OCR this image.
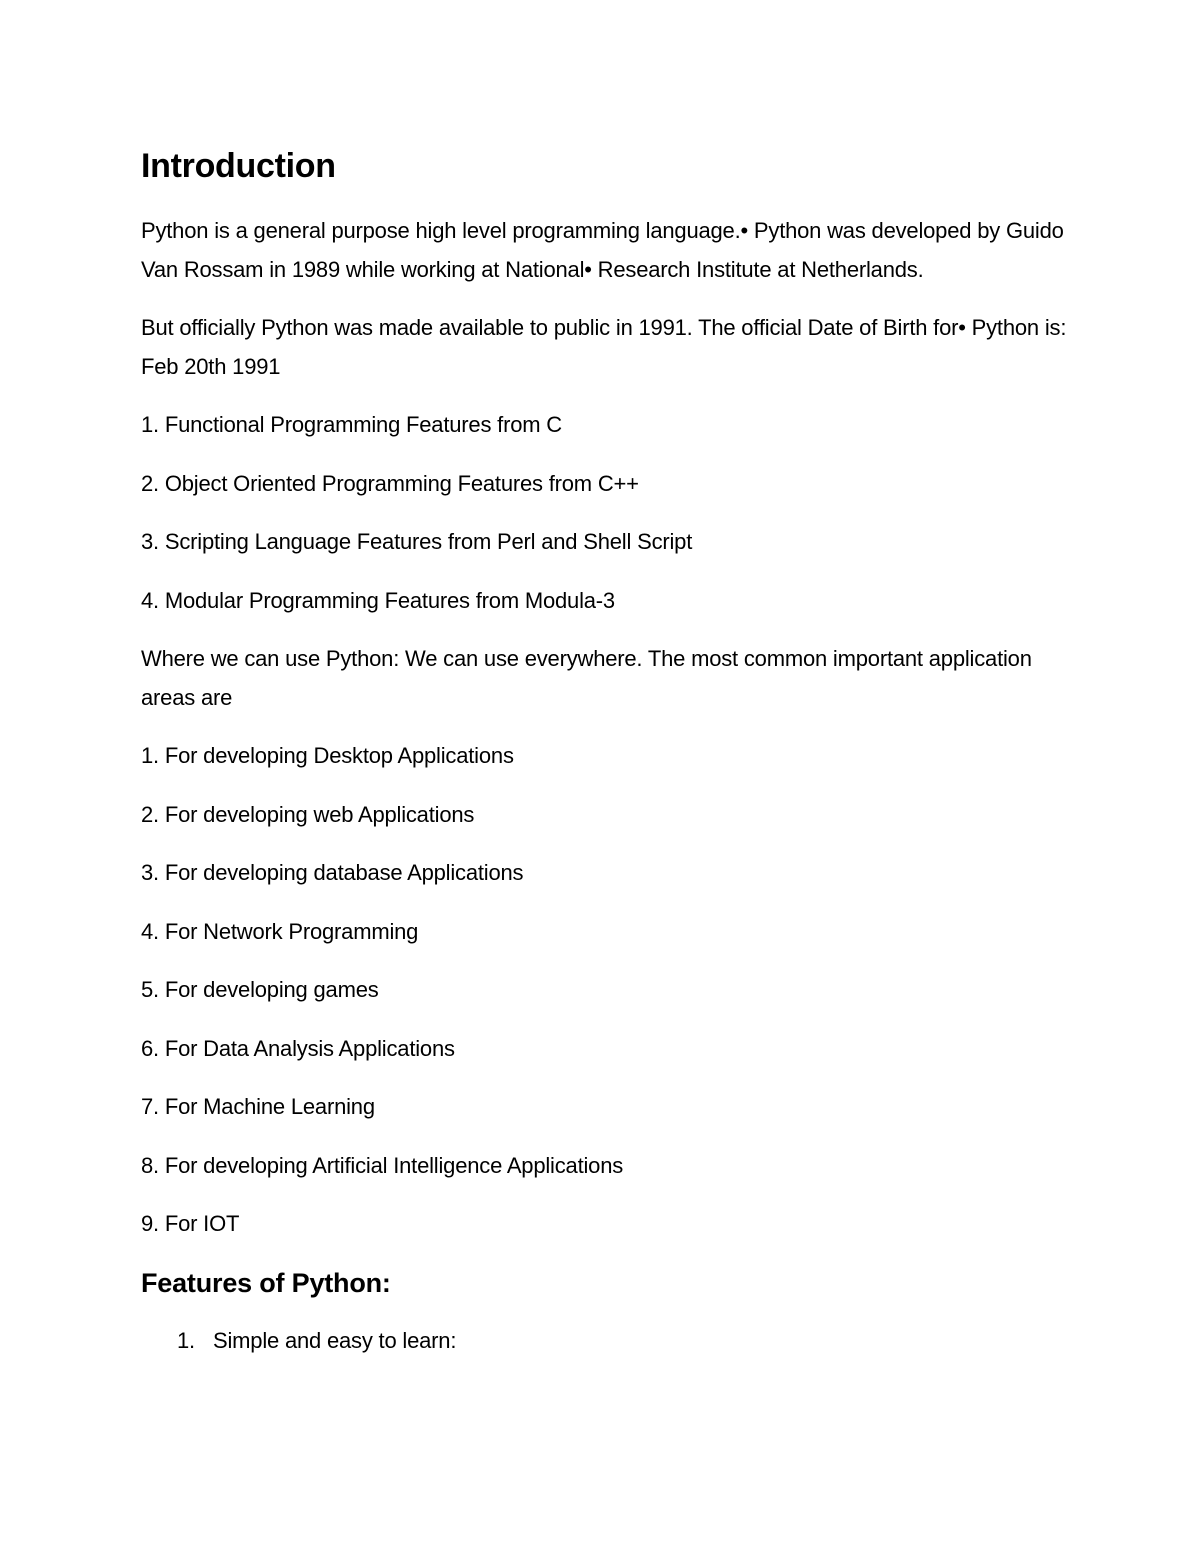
Introduction

Python is a general purpose high level programming language.• Python was developed by Guido Van Rossam in 1989 while working at National• Research Institute at Netherlands.

But officially Python was made available to public in 1991. The official Date of Birth for• Python is: Feb 20th 1991

1. Functional Programming Features from C

2. Object Oriented Programming Features from C++

3. Scripting Language Features from Perl and Shell Script

4. Modular Programming Features from Modula-3

Where we can use Python: We can use everywhere. The most common important application areas are

1. For developing Desktop Applications

2. For developing web Applications

3. For developing database Applications

4. For Network Programming

5. For developing games

6. For Data Analysis Applications

7. For Machine Learning

8. For developing Artificial Intelligence Applications

9. For IOT

Features of Python:
1. Simple and easy to learn:
